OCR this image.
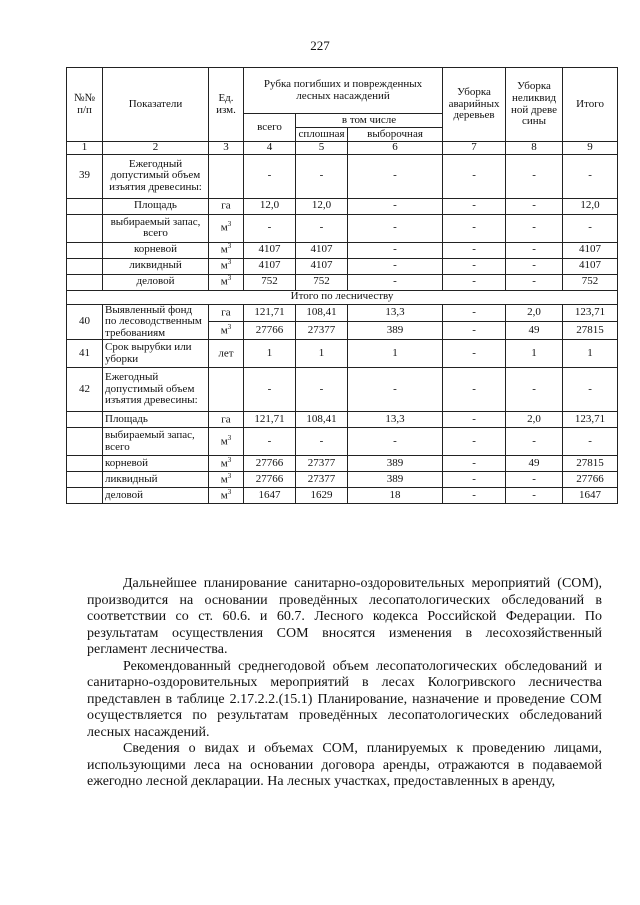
227
№№ п/п	Показатели	Ед. изм.	Рубка погибших и поврежденных лесных насаждений			Уборка аварийных деревьев	Уборка неликвид ной древе сины	Итого
			всего	в том числе				
				сплошная	выборочная			
1	2	3	4	5	6	7	8	9
39	Ежегодный допустимый объем изъятия древесины:		-	-	-	-	-	-
	Площадь	га	12,0	12,0	-	-	-	12,0
	выбираемый запас, всего	$м^3$	-	-	-	-	-	-
	корневой	$м^3$	4107	4107	-	-	-	4107
	ликвидный	$м^3$	4107	4107	-	-	-	4107
	деловой	$м^3$	752	752	-	-	-	752
Итого по лесничеству								
40	Выявленный фонд по лесоводственным требованиям	га	121,71	108,41	13,3	-	2,0	123,71
		$м^3$	27766	27377	389	-	49	27815
41	Срок вырубки или уборки	лет	1	1	1	-	1	1
42	Ежегодный допустимый объем изъятия древесины:		-	-	-	-	-	-
	Площадь	га	121,71	108,41	13,3	-	2,0	123,71
	выбираемый запас, всего	$м^3$	-	-	-	-	-	-
	корневой	$м^3$	27766	27377	389	-	49	27815
	ликвидный	$м^3$	27766	27377	389	-	-	27766
	деловой	$м^3$	1647	1629	18	-	-	1647

Дальнейшее планирование санитарно-оздоровительных мероприятий (СОМ), производится на основании проведённых лесопатологических обследований в соответствии со ст. 60.6. и 60.7. Лесного кодекса Российской Федерации. По результатам осуществления СОМ вносятся изменения в лесохозяйственный регламент лесничества.

Рекомендованный среднегодовой объем лесопатологических обследований и санитарно-оздоровительных мероприятий в лесах Кологривского лесничества представлен в таблице 2.17.2.2.(15.1) Планирование, назначение и проведение СОМ осуществляется по результатам проведённых лесопатологических обследований лесных насаждений.

Сведения о видах и объемах СОМ, планируемых к проведению лицами, использующими леса на основании договора аренды, отражаются в подаваемой ежегодно лесной декларации. На лесных участках, предоставленных в аренду,
